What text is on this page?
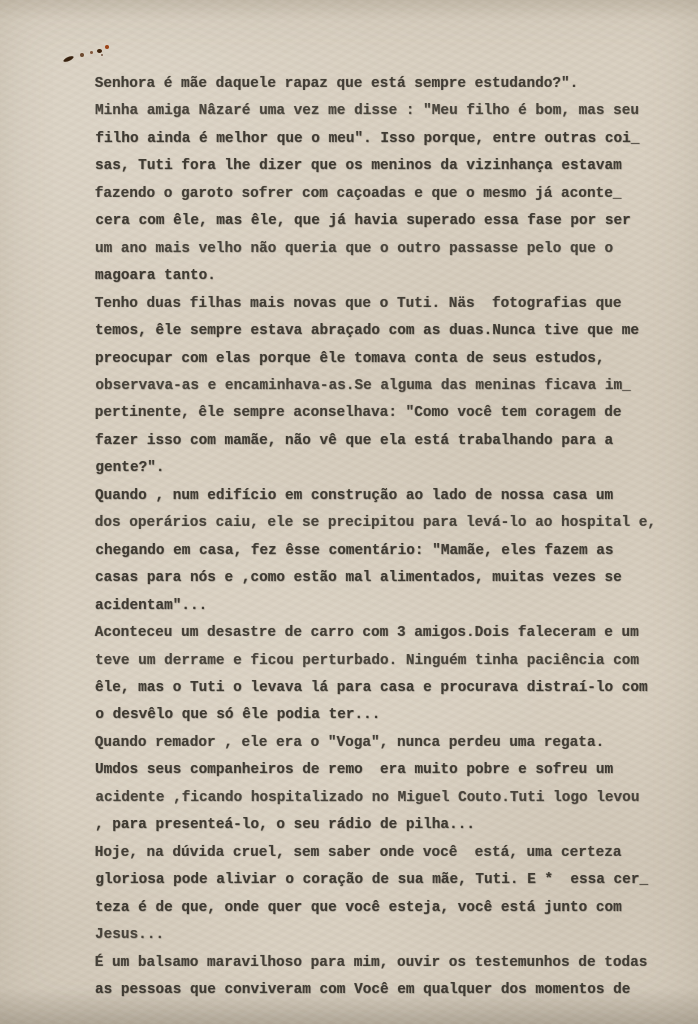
Senhora é mãe daquele rapaz que está sempre estudando?".

Minha amiga Nâzaré uma vez me disse : "Meu filho é bom, mas seu

filho ainda é melhor que o meu". Isso porque, entre outras coi_

sas, Tuti fora lhe dizer que os meninos da vizinhança estavam

fazendo o garoto sofrer com caçoadas e que o mesmo já aconte_

cera com êle, mas êle, que já havia superado essa fase por ser

um ano mais velho não queria que o outro passasse pelo que o

magoara tanto.

Tenho duas filhas mais novas que o Tuti. Näs  fotografias que

temos, êle sempre estava abraçado com as duas.Nunca tive que me

preocupar com elas porque êle tomava conta de seus estudos,

observava-as e encaminhava-as.Se alguma das meninas ficava im_

pertinente, êle sempre aconselhava: "Como você tem coragem de

fazer isso com mamãe, não vê que ela está trabalhando para a

gente?".

Quando , num edifício em construção ao lado de nossa casa um

dos operários caiu, ele se precipitou para levá-lo ao hospital e,

chegando em casa, fez êsse comentário: "Mamãe, eles fazem as

casas para nós e ,como estão mal alimentados, muitas vezes se

acidentam"...

Aconteceu um desastre de carro com 3 amigos.Dois faleceram e um

teve um derrame e ficou perturbado. Ninguém tinha paciência com

êle, mas o Tuti o levava lá para casa e procurava distraí-lo com

o desvêlo que só êle podia ter...

Quando remador , ele era o "Voga", nunca perdeu uma regata.

Umdos seus companheiros de remo  era muito pobre e sofreu um

acidente ,ficando hospitalizado no Miguel Couto.Tuti logo levou

, para presenteá-lo, o seu rádio de pilha...

Hoje, na dúvida cruel, sem saber onde você  está, uma certeza

gloriosa pode aliviar o coração de sua mãe, Tuti. E *  essa cer_

teza é de que, onde quer que você esteja, você está junto com

Jesus...

É um balsamo maravilhoso para mim, ouvir os testemunhos de todas

as pessoas que conviveram com Você em qualquer dos momentos de
